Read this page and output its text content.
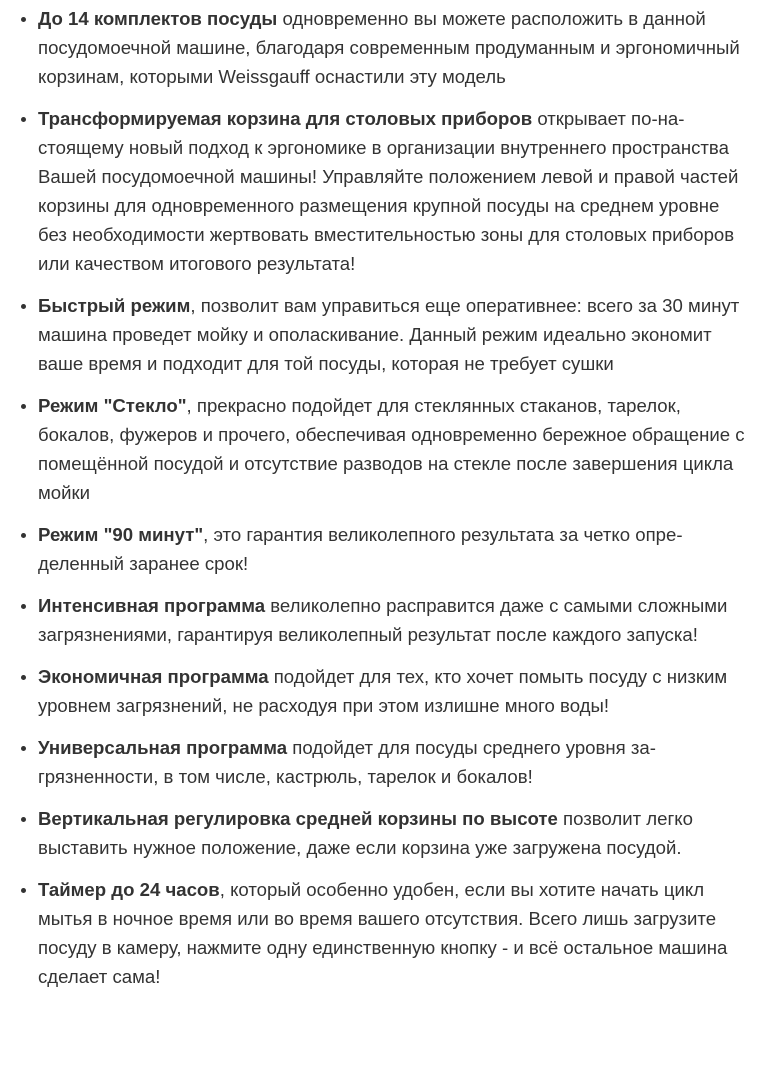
• До 14 комплектов посуды одновременно вы можете расположить в данной посудомоечной машине, благодаря современным продуманным и эргономичный корзинам, которыми Weissgauff оснастили эту модель
• Трансформируемая корзина для столовых приборов открывает по-настоящему новый подход к эргономике в организации внутреннего пространства Вашей посудомоечной машины! Управляйте положением левой и правой частей корзины для одновременного размещения крупной посуды на среднем уровне без необходимости жертвовать вместительностью зоны для столовых приборов или качеством итогового результата!
• Быстрый режим, позволит вам управиться еще оперативнее: всего за 30 минут машина проведет мойку и ополаскивание. Данный режим идеально экономит ваше время и подходит для той посуды, которая не требует сушки
• Режим "Стекло", прекрасно подойдет для стеклянных стаканов, тарелок, бокалов, фужеров и прочего, обеспечивая одновременно бережное обращение с помещённой посудой и отсутствие разводов на стекле после завершения цикла мойки
• Режим "90 минут", это гарантия великолепного результата за четко определенный заранее срок!
• Интенсивная программа великолепно расправится даже с самыми сложными загрязнениями, гарантируя великолепный результат после каждого запуска!
• Экономичная программа подойдет для тех, кто хочет помыть посуду с низким уровнем загрязнений, не расходуя при этом излишне много воды!
• Универсальная программа подойдет для посуды среднего уровня загрязненности, в том числе, кастрюль, тарелок и бокалов!
• Вертикальная регулировка средней корзины по высоте позволит легко выставить нужное положение, даже если корзина уже загружена посудой.
• Таймер до 24 часов, который особенно удобен, если вы хотите начать цикл мытья в ночное время или во время вашего отсутствия. Всего лишь загрузите посуду в камеру, нажмите одну единственную кнопку - и всё остальное машина сделает сама!
